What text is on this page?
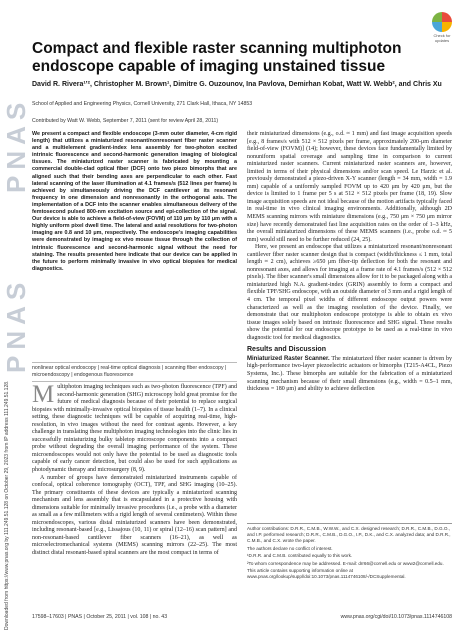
PNAS
PNAS
Downloaded from https://www.pnas.org by 111.249.51.128 on October 29, 2023 from IP address 111.249.51.128.
Check for updates
Compact and flexible raster scanning multiphoton endoscope capable of imaging unstained tissue
David R. Rivera¹ʼ², Christopher M. Brown¹, Dimitre G. Ouzounov, Ina Pavlova, Demirhan Kobat, Watt W. Webb², and Chris Xu
School of Applied and Engineering Physics, Cornell University, 271 Clark Hall, Ithaca, NY 14853
Contributed by Watt W. Webb, September 7, 2011 (sent for review April 28, 2011)
We present a compact and flexible endoscope (3-mm outer diameter, 4-cm rigid length) that utilizes a miniaturized resonant/nonresonant fiber raster scanner and a multielement gradient-index lens assembly for two-photon excited intrinsic fluorescence and second-harmonic generation imaging of biological tissues. The miniaturized raster scanner is fabricated by mounting a commercial double-clad optical fiber (DCF) onto two piezo bimorphs that are aligned such that their bending axes are perpendicular to each other. Fast lateral scanning of the laser illumination at 4.1 frames/s (512 lines per frame) is achieved by simultaneously driving the DCF cantilever at its resonant frequency in one dimension and nonresonantly in the orthogonal axis. The implementation of a DCF into the scanner enables simultaneous delivery of the femtosecond pulsed 800-nm excitation source and epi-collection of the signal. Our device is able to achieve a field-of-view (FOVM) of 110 μm by 110 μm with a highly uniform pixel dwell time. The lateral and axial resolutions for two-photon imaging are 0.8 and 10 μm, respectively. The endoscope's imaging capabilities were demonstrated by imaging ex vivo mouse tissue through the collection of intrinsic fluorescence and second-harmonic signal without the need for staining. The results presented here indicate that our device can be applied in the future to perform minimally invasive in vivo optical biopsies for medical diagnostics.
nonlinear optical endoscopy | real-time optical diagnosis | scanning fiber endoscopy | microendoscopy | endogenous fluorescence

Multiphoton imaging techniques such as two-photon fluorescence (TPF) and second-harmonic generation (SHG) microscopy hold great promise for the future of medical diagnosis because of their potential to replace surgical biopsies with minimally-invasive optical biopsies of tissue health (1–7). In a clinical setting, these diagnostic techniques will be capable of acquiring real-time, high-resolution, in vivo images without the need for contrast agents. However, a key challenge in translating these multiphoton imaging technologies into the clinic lies in successfully miniaturizing bulky tabletop microscope components into a compact probe without degrading the overall imaging performance of the system. These microendoscopes would not only have the potential to be used as diagnostic tools capable of early cancer detection, but could also be used for such applications as photodynamic therapy and microsurgery (8, 9).

A number of groups have demonstrated miniaturized instruments capable of confocal, optical coherence tomography (OCT), TPF, and SHG imaging (10–25). The primary constituents of these devices are typically a miniaturized scanning mechanism and lens assembly that is encapsulated in a protective housing with dimensions suitable for minimally invasive procedures (i.e., a probe with a diameter as small as a few millimeters with a rigid length of several centimeters). Within these microendoscopes, various distal miniaturized scanners have been demonstrated, including resonant-based [e.g., Lissajous (10, 11) or spiral (12–16) scan pattern] and non-resonant-based cantilever fiber scanners (16–21), as well as microelectromechanical systems (MEMS) scanning mirrors (22–25). The most distinct distal resonant-based spiral scanners are the most compact in terms of

their miniaturized dimensions (e.g., o.d. ≈ 1 mm) and fast image acquisition speeds [e.g., 8 frames/s with 512 × 512 pixels per frame, approximately 200-μm diameter field-of-view (FOVM)] (14); however, these devices face fundamentally limited by nonuniform spatial coverage and sampling time in comparison to current miniaturized raster scanners. Current miniaturized raster scanners are, however, limited in terms of their physical dimensions and/or scan speed. Le Harzic et al. previously demonstrated a piezo-driven X-Y scanner (length = 34 mm, width = 1.9 mm) capable of a uniformly sampled FOVM up to 420 μm by 420 μm, but the device is limited to 1 frame per 5 s at 512 × 512 pixels per frame (18, 19). Slow image acquisition speeds are not ideal because of the motion artifacts typically faced in real-time in vivo clinical imaging environments. Additionally, although 2D MEMS scanning mirrors with miniature dimensions (e.g., 750 μm × 750 μm mirror size) have recently demonstrated fast line acquisition rates on the order of 1–3 kHz, the overall miniaturized dimensions of these MEMS scanners (i.e., probe o.d. ≈ 5 mm) would still need to be further reduced (24, 25).

Here, we present an endoscope that utilizes a miniaturized resonant/nonresonant cantilever fiber raster scanner design that is compact (width/thickness ≤ 1 mm, total length ≈ 2 cm), achieves ≥650 μm fiber-tip deflection for both the resonant and nonresonant axes, and allows for imaging at a frame rate of 4.1 frames/s (512 × 512 pixels). The fiber scanner's small dimensions allow for it to be packaged along with a miniaturized high N.A. gradient-index (GRIN) assembly to form a compact and flexible TPF/SHG endoscope, with an outside diameter of 3 mm and a rigid length of 4 cm. The temporal pixel widths of different endoscope output powers were characterized as well as the imaging resolution of the device. Finally, we demonstrate that our multiphoton endoscope prototype is able to obtain ex vivo tissue images solely based on intrinsic fluorescence and SHG signal. These results show the potential for our endoscope prototype to be used as a real-time in vivo diagnostic tool for medical diagnostics.

Results and Discussion

Miniaturized Raster Scanner. The miniaturized fiber raster scanner is driven by high-performance two-layer piezoelectric actuators or bimorphs (T215-A4CL, Piezo Systems, Inc.). These bimorphs are suitable for the fabrication of a miniaturized scanning mechanism because of their small dimensions (e.g., width = 0.5–1 mm, thickness = 180 μm) and ability to achieve deflection

Author contributions: D.R.R., C.M.B., W.W.W., and C.X. designed research; D.R.R., C.M.B., D.G.O., and I.P. performed research; D.R.R., C.M.B., D.G.O., I.P., D.K., and C.X. analyzed data; and D.R.R., C.M.B., and C.X. wrote the paper.

The authors declare no conflict of interest.

¹D.R.R. and C.M.B. contributed equally to this work.

²To whom correspondence may be addressed. E-mail: drr66@cornell.edu or www2@cornell.edu.

This article contains supporting information online at www.pnas.org/lookup/suppl/doi:10.1073/pnas.1114746108/-/DCSupplemental.

17598–17603 | PNAS | October 25, 2011 | vol. 108 | no. 43	www.pnas.org/cgi/doi/10.1073/pnas.1114746108
